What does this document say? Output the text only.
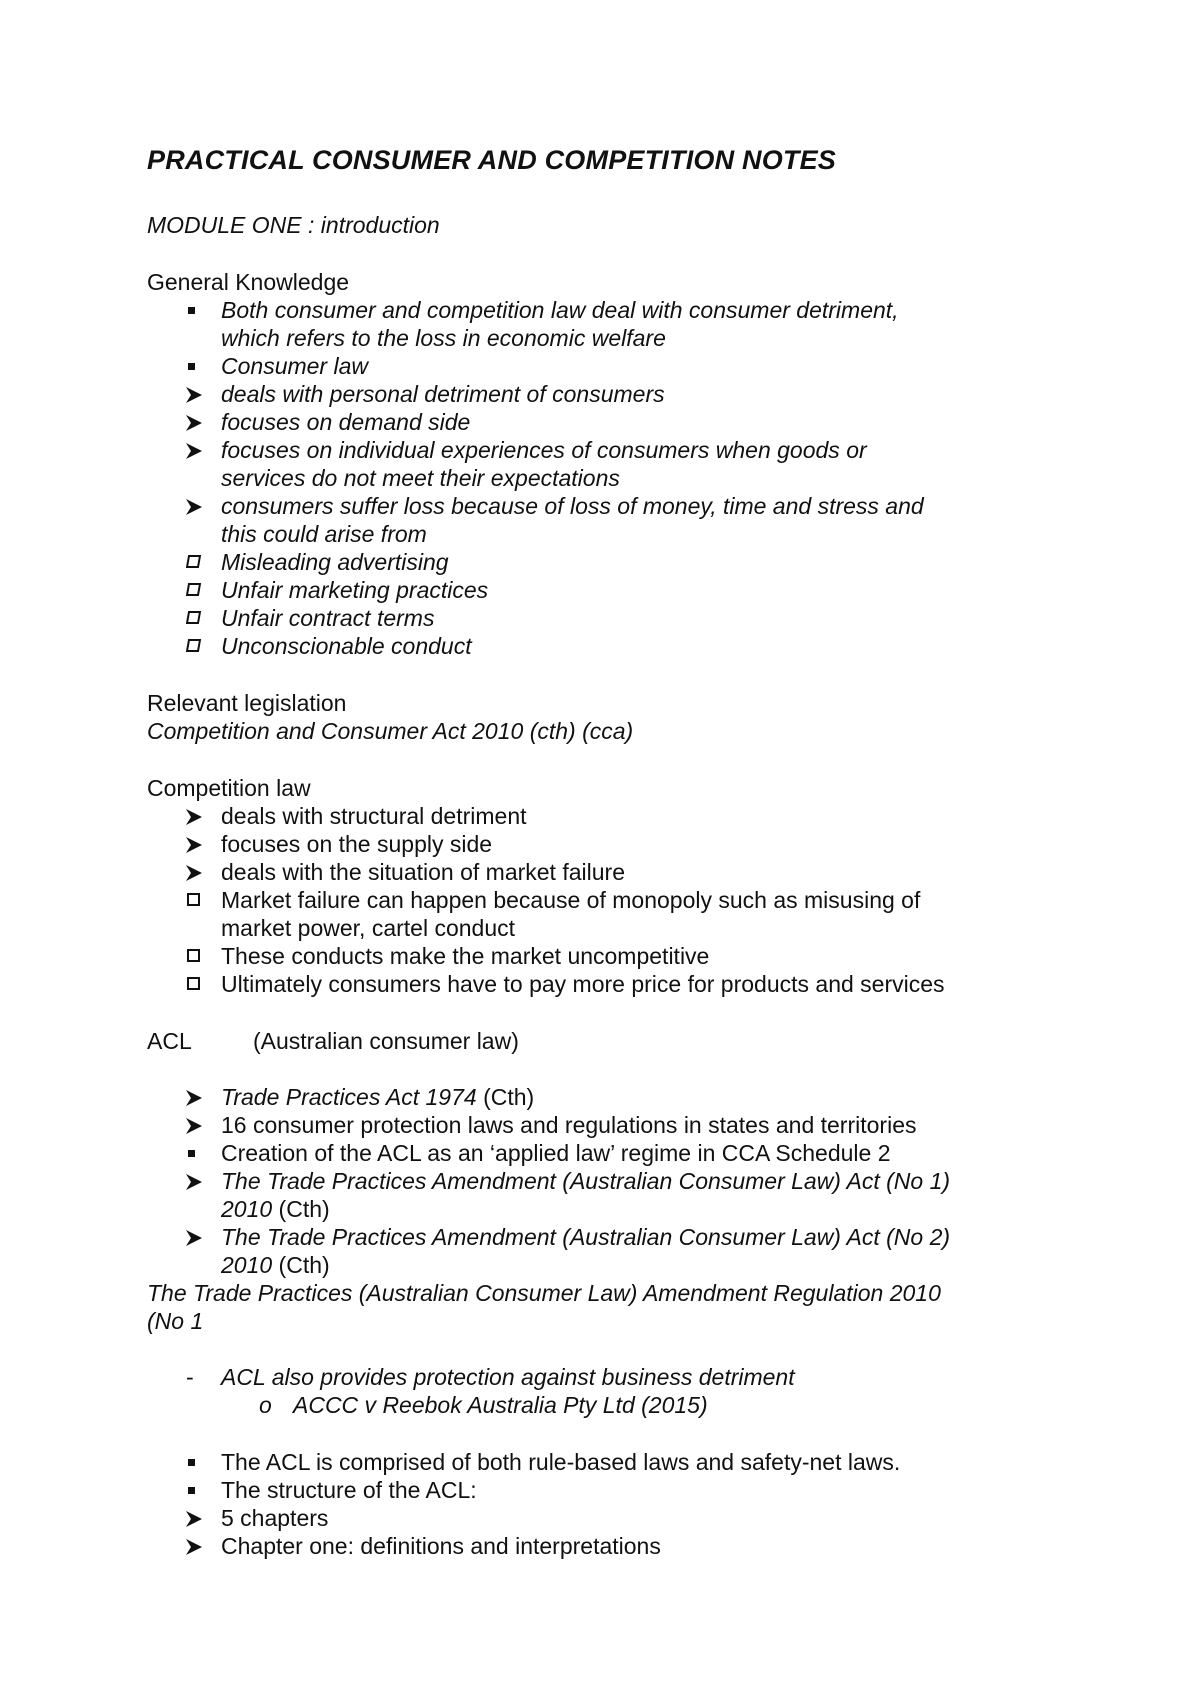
PRACTICAL CONSUMER AND COMPETITION NOTES
MODULE ONE : introduction
General Knowledge
Both consumer and competition law deal with consumer detriment,
which refers to the loss in economic welfare
Consumer law
deals with personal detriment of consumers
focuses on demand side
focuses on individual experiences of consumers when goods or
services do not meet their expectations
consumers suffer loss because of loss of money, time and stress and
this could arise from
Misleading advertising
Unfair marketing practices
Unfair contract terms
Unconscionable conduct
Relevant legislation
Competition and Consumer Act 2010 (cth) (cca)
Competition law
deals with structural detriment
focuses on the supply side
deals with the situation of market failure
Market failure can happen because of monopoly such as misusing of
market power, cartel conduct
These conducts make the market uncompetitive
Ultimately consumers have to pay more price for products and services
ACL	(Australian consumer law)
Trade Practices Act 1974 (Cth)
16 consumer protection laws and regulations in states and territories
Creation of the ACL as an ‘applied law’ regime in CCA Schedule 2
The Trade Practices Amendment (Australian Consumer Law) Act (No 1)
2010 (Cth)
The Trade Practices Amendment (Australian Consumer Law) Act (No 2)
2010 (Cth)
The Trade Practices (Australian Consumer Law) Amendment Regulation 2010
(No 1
- ACL also provides protection against business detriment
o ACCC v Reebok Australia Pty Ltd (2015)
The ACL is comprised of both rule-based laws and safety-net laws.
The structure of the ACL:
5 chapters
Chapter one: definitions and interpretations
